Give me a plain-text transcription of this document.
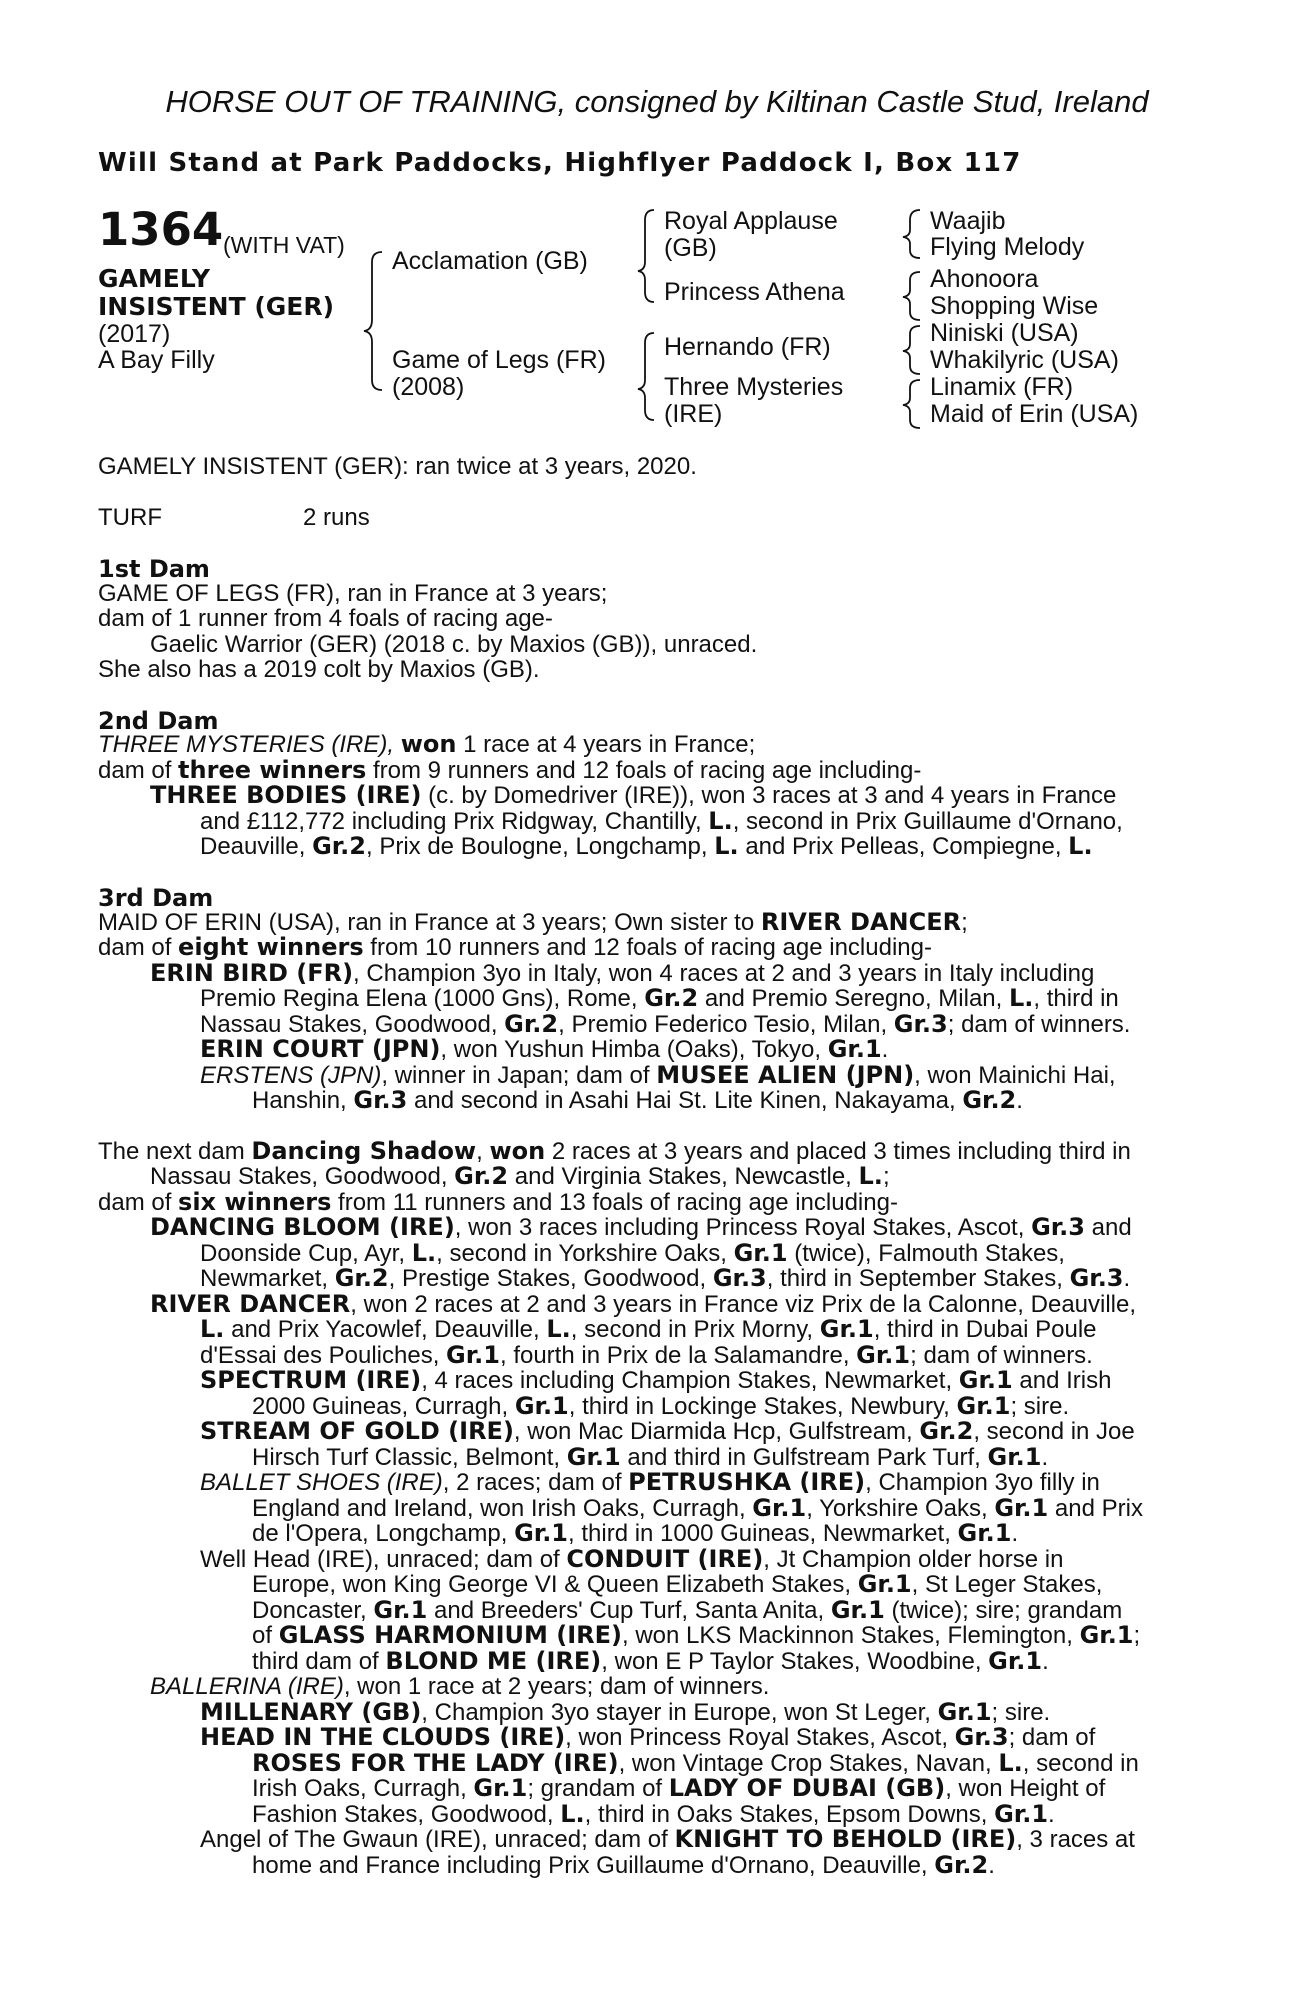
HORSE OUT OF TRAINING, consigned by Kiltinan Castle Stud, Ireland
Will Stand at Park Paddocks, Highflyer Paddock I, Box 117
1364 (WITH VAT)
GAMELY
INSISTENT (GER)
(2017)
A Bay Filly
Acclamation (GB)
Game of Legs (FR)
(2008)
Royal Applause
(GB)
Princess Athena
Hernando (FR)
Three Mysteries
(IRE)
Waajib
Flying Melody
Ahonoora
Shopping Wise
Niniski (USA)
Whakilyric (USA)
Linamix (FR)
Maid of Erin (USA)
GAMELY INSISTENT (GER): ran twice at 3 years, 2020.
TURF	2 runs
1st Dam
GAME OF LEGS (FR), ran in France at 3 years;
dam of 1 runner from 4 foals of racing age-
Gaelic Warrior (GER) (2018 c. by Maxios (GB)), unraced.
She also has a 2019 colt by Maxios (GB).
2nd Dam
THREE MYSTERIES (IRE), won 1 race at 4 years in France;
dam of three winners from 9 runners and 12 foals of racing age including-
THREE BODIES (IRE) (c. by Domedriver (IRE)), won 3 races at 3 and 4 years in France
and £112,772 including Prix Ridgway, Chantilly, L., second in Prix Guillaume d'Ornano,
Deauville, Gr.2, Prix de Boulogne, Longchamp, L. and Prix Pelleas, Compiegne, L.
3rd Dam
MAID OF ERIN (USA), ran in France at 3 years; Own sister to RIVER DANCER;
dam of eight winners from 10 runners and 12 foals of racing age including-
ERIN BIRD (FR), Champion 3yo in Italy, won 4 races at 2 and 3 years in Italy including
Premio Regina Elena (1000 Gns), Rome, Gr.2 and Premio Seregno, Milan, L., third in
Nassau Stakes, Goodwood, Gr.2, Premio Federico Tesio, Milan, Gr.3; dam of winners.
ERIN COURT (JPN), won Yushun Himba (Oaks), Tokyo, Gr.1.
ERSTENS (JPN), winner in Japan; dam of MUSEE ALIEN (JPN), won Mainichi Hai,
Hanshin, Gr.3 and second in Asahi Hai St. Lite Kinen, Nakayama, Gr.2.
The next dam Dancing Shadow, won 2 races at 3 years and placed 3 times including third in
Nassau Stakes, Goodwood, Gr.2 and Virginia Stakes, Newcastle, L.;
dam of six winners from 11 runners and 13 foals of racing age including-
DANCING BLOOM (IRE), won 3 races including Princess Royal Stakes, Ascot, Gr.3 and
Doonside Cup, Ayr, L., second in Yorkshire Oaks, Gr.1 (twice), Falmouth Stakes,
Newmarket, Gr.2, Prestige Stakes, Goodwood, Gr.3, third in September Stakes, Gr.3.
RIVER DANCER, won 2 races at 2 and 3 years in France viz Prix de la Calonne, Deauville,
L. and Prix Yacowlef, Deauville, L., second in Prix Morny, Gr.1, third in Dubai Poule
d'Essai des Pouliches, Gr.1, fourth in Prix de la Salamandre, Gr.1; dam of winners.
SPECTRUM (IRE), 4 races including Champion Stakes, Newmarket, Gr.1 and Irish
2000 Guineas, Curragh, Gr.1, third in Lockinge Stakes, Newbury, Gr.1; sire.
STREAM OF GOLD (IRE), won Mac Diarmida Hcp, Gulfstream, Gr.2, second in Joe
Hirsch Turf Classic, Belmont, Gr.1 and third in Gulfstream Park Turf, Gr.1.
BALLET SHOES (IRE), 2 races; dam of PETRUSHKA (IRE), Champion 3yo filly in
England and Ireland, won Irish Oaks, Curragh, Gr.1, Yorkshire Oaks, Gr.1 and Prix
de l'Opera, Longchamp, Gr.1, third in 1000 Guineas, Newmarket, Gr.1.
Well Head (IRE), unraced; dam of CONDUIT (IRE), Jt Champion older horse in
Europe, won King George VI & Queen Elizabeth Stakes, Gr.1, St Leger Stakes,
Doncaster, Gr.1 and Breeders' Cup Turf, Santa Anita, Gr.1 (twice); sire; grandam
of GLASS HARMONIUM (IRE), won LKS Mackinnon Stakes, Flemington, Gr.1;
third dam of BLOND ME (IRE), won E P Taylor Stakes, Woodbine, Gr.1.
BALLERINA (IRE), won 1 race at 2 years; dam of winners.
MILLENARY (GB), Champion 3yo stayer in Europe, won St Leger, Gr.1; sire.
HEAD IN THE CLOUDS (IRE), won Princess Royal Stakes, Ascot, Gr.3; dam of
ROSES FOR THE LADY (IRE), won Vintage Crop Stakes, Navan, L., second in
Irish Oaks, Curragh, Gr.1; grandam of LADY OF DUBAI (GB), won Height of
Fashion Stakes, Goodwood, L., third in Oaks Stakes, Epsom Downs, Gr.1.
Angel of The Gwaun (IRE), unraced; dam of KNIGHT TO BEHOLD (IRE), 3 races at
home and France including Prix Guillaume d'Ornano, Deauville, Gr.2.
